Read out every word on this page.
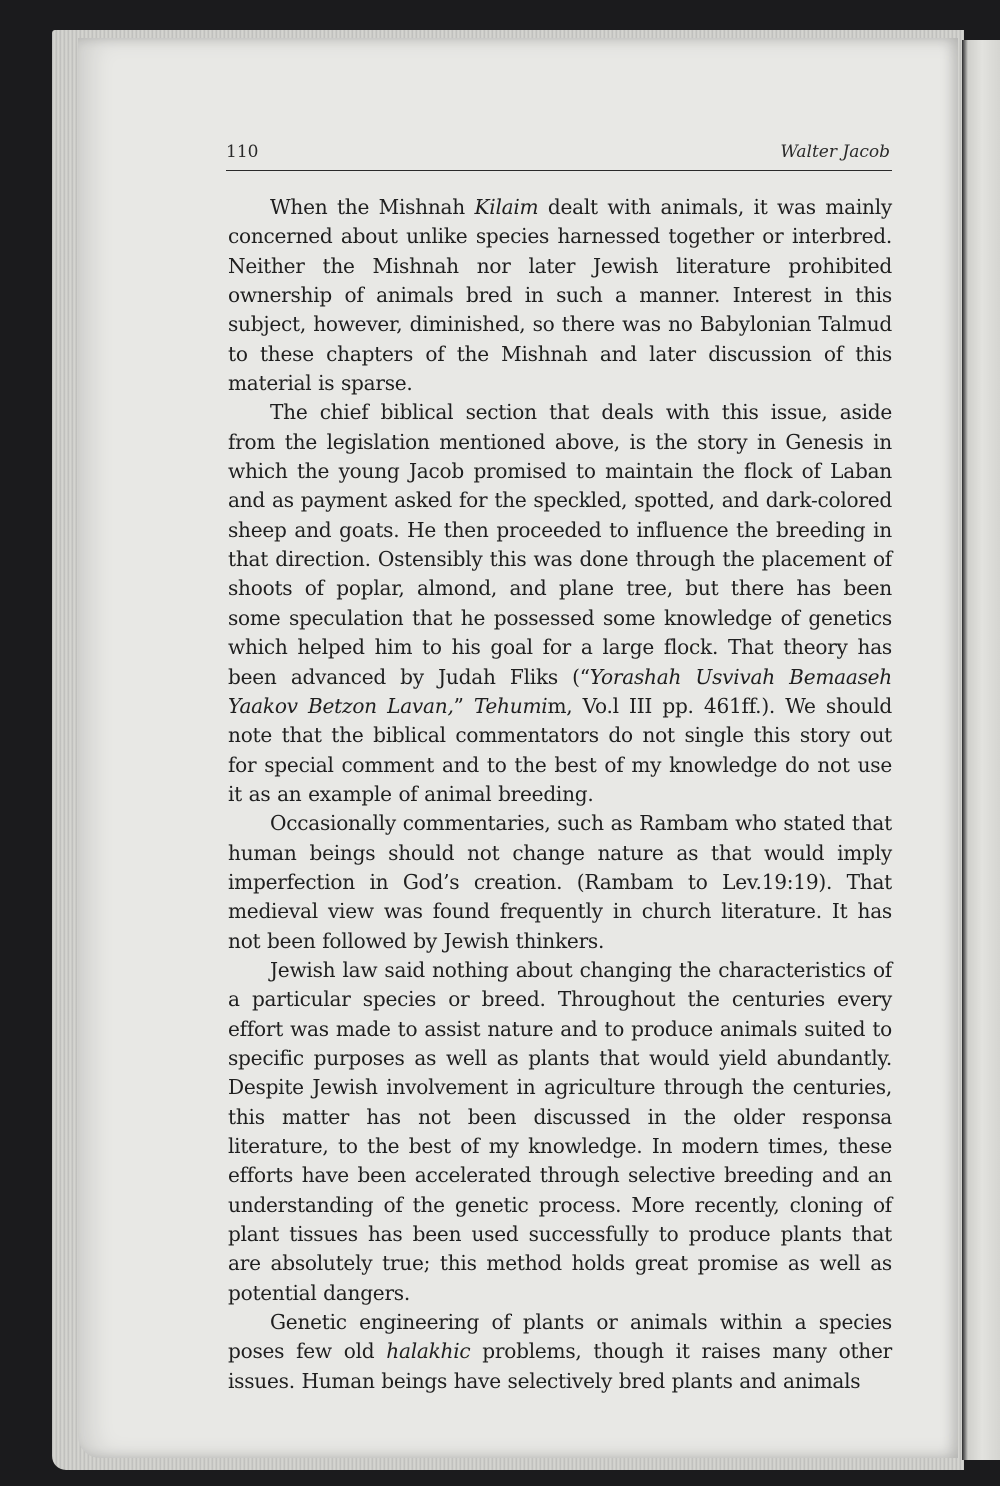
110	Walter Jacob

When the Mishnah Kilaim dealt with animals, it was mainly concerned about unlike species harnessed together or interbred. Neither the Mishnah nor later Jewish literature prohibited ownership of animals bred in such a manner. Interest in this subject, however, diminished, so there was no Babylonian Talmud to these chapters of the Mishnah and later discussion of this material is sparse.

The chief biblical section that deals with this issue, aside from the legislation mentioned above, is the story in Genesis in which the young Jacob promised to maintain the flock of Laban and as payment asked for the speckled, spotted, and dark-colored sheep and goats. He then proceeded to influence the breeding in that direction. Ostensibly this was done through the placement of shoots of poplar, almond, and plane tree, but there has been some speculation that he possessed some knowledge of genetics which helped him to his goal for a large flock. That theory has been advanced by Judah Fliks (“Yorashah Usvivah Bemaaseh Yaakov Betzon Lavan,” Tehumim, Vo.l III pp. 461ff.). We should note that the biblical commentators do not single this story out for special comment and to the best of my knowledge do not use it as an example of animal breeding.

Occasionally commentaries, such as Rambam who stated that human beings should not change nature as that would imply imperfection in God’s creation. (Rambam to Lev.19:19). That medieval view was found frequently in church literature. It has not been followed by Jewish thinkers.

Jewish law said nothing about changing the characteristics of a particular species or breed. Throughout the centuries every effort was made to assist nature and to produce animals suited to specific purposes as well as plants that would yield abundantly. Despite Jewish involvement in agriculture through the centuries, this matter has not been discussed in the older responsa literature, to the best of my knowledge. In modern times, these efforts have been accelerated through selective breeding and an understanding of the genetic process. More recently, cloning of plant tissues has been used successfully to produce plants that are absolutely true; this method holds great promise as well as potential dangers.

Genetic engineering of plants or animals within a species poses few old halakhic problems, though it raises many other issues. Human beings have selectively bred plants and animals
